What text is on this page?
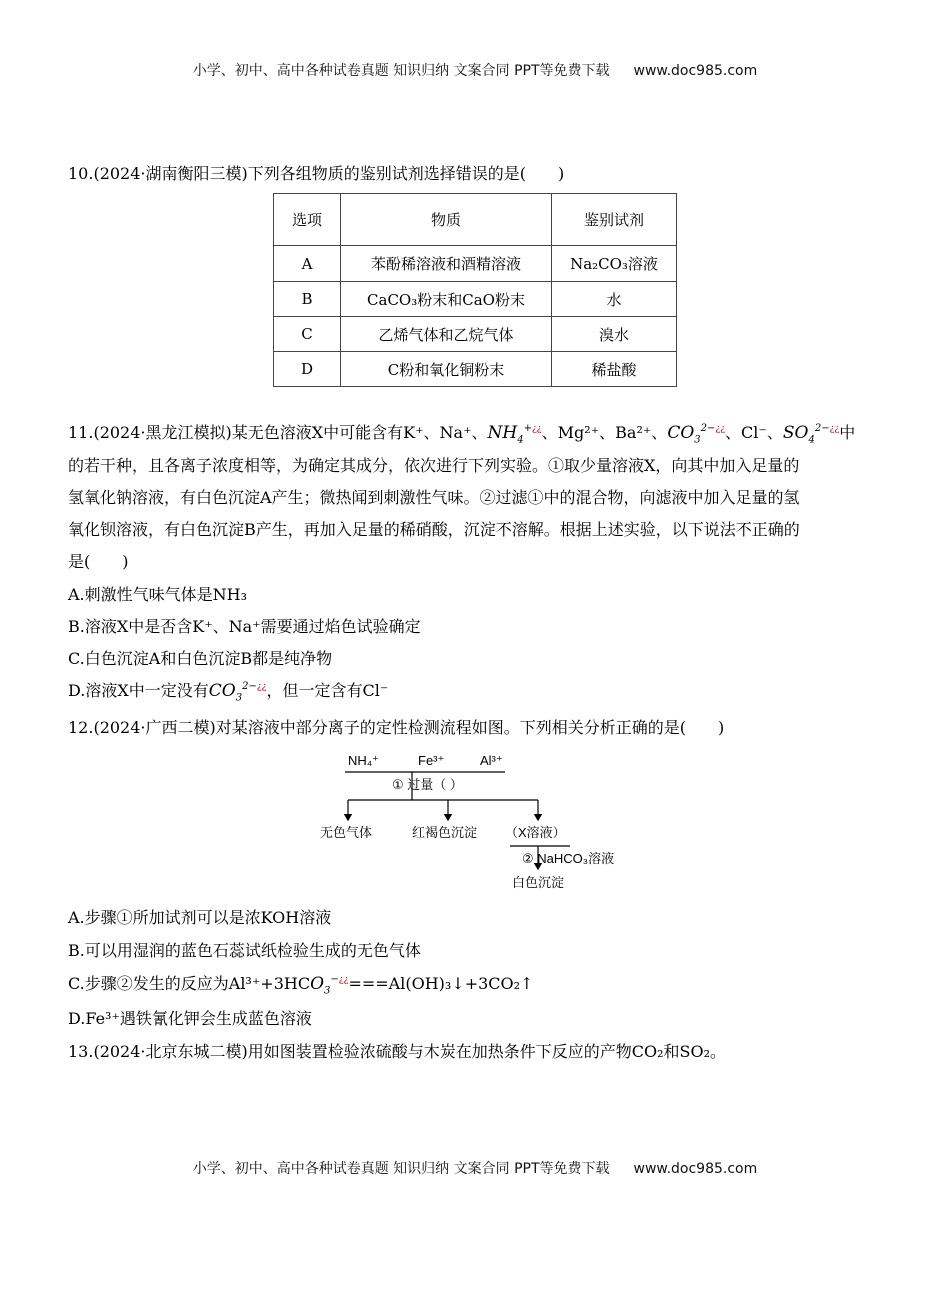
小学、初中、高中各种试卷真题 知识归纳 文案合同 PPT等免费下载 www.doc985.com
10.(2024·湖南衡阳三模)下列各组物质的鉴别试剂选择错误的是(　　)
选项	物质	鉴别试剂
A	苯酚稀溶液和酒精溶液	Na₂CO₃溶液
B	CaCO₃粉末和CaO粉末	水
C	乙烯气体和乙烷气体	溴水
D	C粉和氧化铜粉末	稀盐酸
11.(2024·黑龙江模拟)某无色溶液X中可能含有K⁺、Na⁺、$NH_4^{+¿¿}$、Mg²⁺、Ba²⁺、$CO_3^{2-¿¿}$、Cl⁻、$SO_4^{2-¿¿}$中
的若干种，且各离子浓度相等，为确定其成分，依次进行下列实验。①取少量溶液X，向其中加入足量的
氢氧化钠溶液，有白色沉淀A产生；微热闻到刺激性气味。②过滤①中的混合物，向滤液中加入足量的氢
氧化钡溶液，有白色沉淀B产生，再加入足量的稀硝酸，沉淀不溶解。根据上述实验，以下说法不正确的
是(　　)
A.刺激性气味气体是NH₃
B.溶液X中是否含K⁺、Na⁺需要通过焰色试验确定
C.白色沉淀A和白色沉淀B都是纯净物
D.溶液X中一定没有$CO_3^{2-¿¿}$，但一定含有Cl⁻
12.(2024·广西二模)对某溶液中部分离子的定性检测流程如图。下列相关分析正确的是(　　)
NH₄⁺	Fe³⁺	Al³⁺
① 过量（ ）
无色气体	红褐色沉淀 （X溶液）
② NaHCO₃溶液
白色沉淀
A.步骤①所加试剂可以是浓KOH溶液
B.可以用湿润的蓝色石蕊试纸检验生成的无色气体
C.步骤②发生的反应为$Al^{3+}+3HCO_3^{-¿¿}===Al(OH)_3↓+3CO_2↑$
D.Fe³⁺遇铁氰化钾会生成蓝色溶液
13.(2024·北京东城二模)用如图装置检验浓硫酸与木炭在加热条件下反应的产物CO₂和SO₂。
小学、初中、高中各种试卷真题 知识归纳 文案合同 PPT等免费下载 www.doc985.com
